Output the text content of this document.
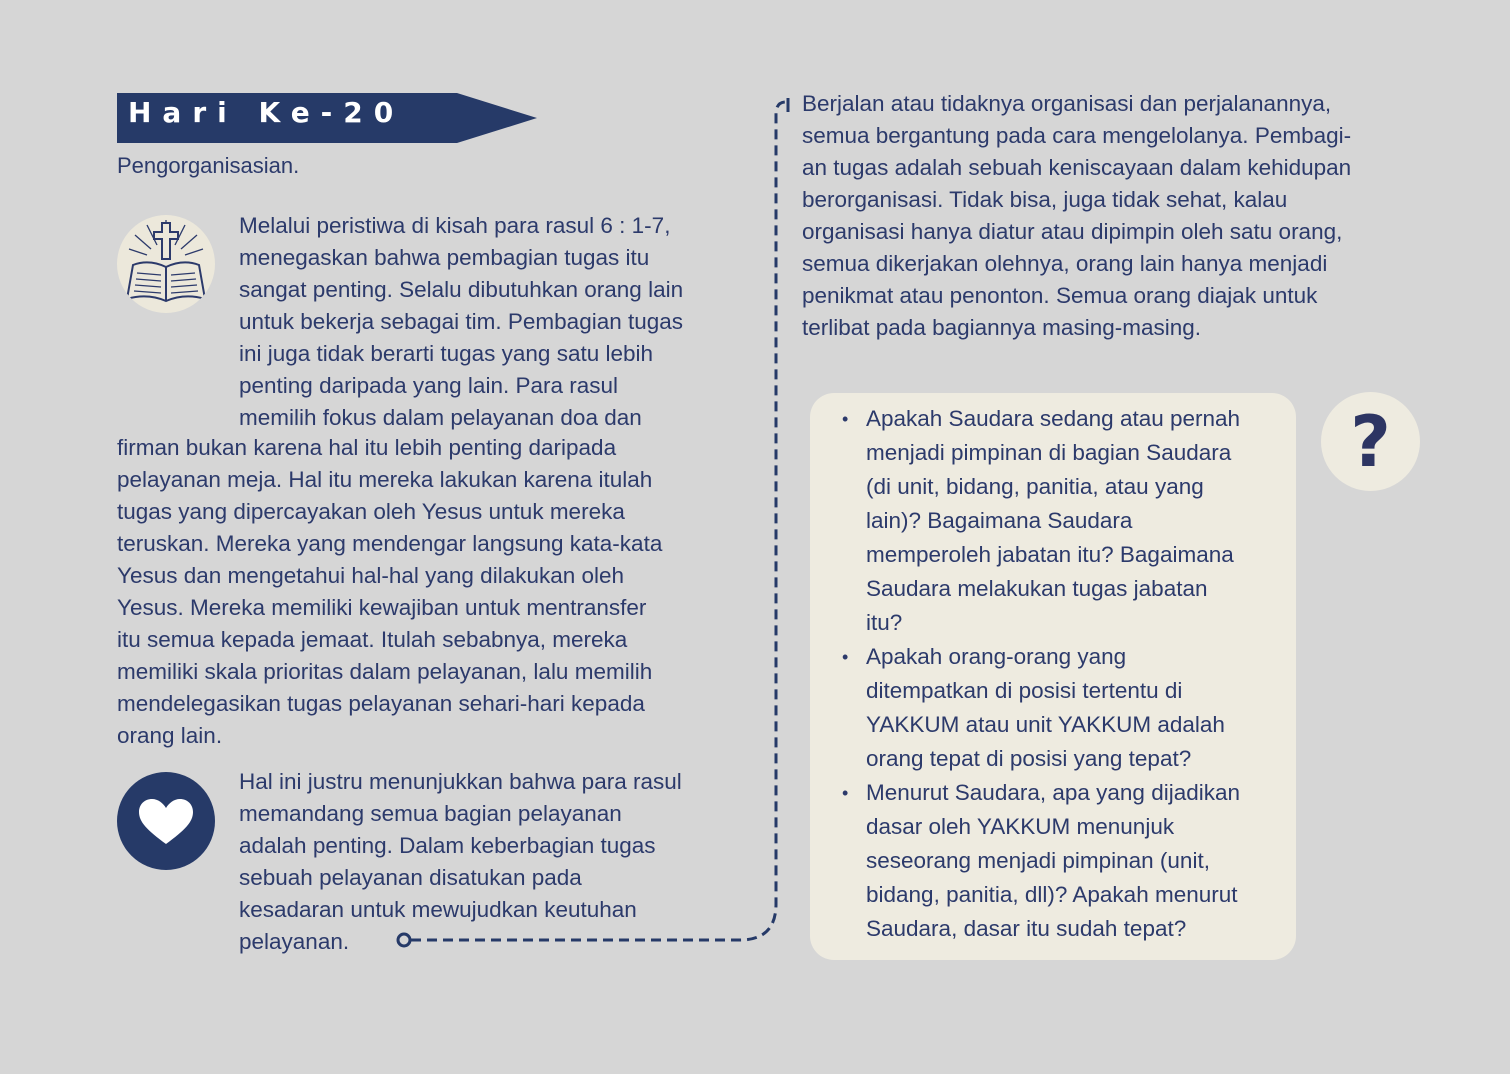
Hari Ke-20
Pengorganisasian.
Melalui peristiwa di kisah para rasul 6 : 1-7,
menegaskan bahwa pembagian tugas itu
sangat penting. Selalu dibutuhkan orang lain
untuk bekerja sebagai tim. Pembagian tugas
ini juga tidak berarti tugas yang satu lebih
penting daripada yang lain. Para rasul
memilih fokus dalam pelayanan doa dan
firman bukan karena hal itu lebih penting daripada
pelayanan meja. Hal itu mereka lakukan karena itulah
tugas yang dipercayakan oleh Yesus untuk mereka
teruskan. Mereka yang mendengar langsung kata-kata
Yesus dan mengetahui hal-hal yang dilakukan oleh
Yesus. Mereka memiliki kewajiban untuk mentransfer
itu semua kepada jemaat. Itulah sebabnya, mereka
memiliki skala prioritas dalam pelayanan, lalu memilih
mendelegasikan tugas pelayanan sehari-hari kepada
orang lain.
Hal ini justru menunjukkan bahwa para rasul
memandang semua bagian pelayanan
adalah penting. Dalam keberbagian tugas
sebuah pelayanan disatukan pada
kesadaran untuk mewujudkan keutuhan
pelayanan.
Berjalan atau tidaknya organisasi dan perjalanannya,
semua bergantung pada cara mengelolanya. Pembagi-
an tugas adalah sebuah keniscayaan dalam kehidupan
berorganisasi. Tidak bisa, juga tidak sehat, kalau
organisasi hanya diatur atau dipimpin oleh satu orang,
semua dikerjakan olehnya, orang lain hanya menjadi
penikmat atau penonton. Semua orang diajak untuk
terlibat pada bagiannya masing-masing.
• Apakah Saudara sedang atau pernah
menjadi pimpinan di bagian Saudara
(di unit, bidang, panitia, atau yang
lain)? Bagaimana Saudara
memperoleh jabatan itu? Bagaimana
Saudara melakukan tugas jabatan
itu?
• Apakah orang-orang yang
ditempatkan di posisi tertentu di
YAKKUM atau unit YAKKUM adalah
orang tepat di posisi yang tepat?
• Menurut Saudara, apa yang dijadikan
dasar oleh YAKKUM menunjuk
seseorang menjadi pimpinan (unit,
bidang, panitia, dll)? Apakah menurut
Saudara, dasar itu sudah tepat?
?
